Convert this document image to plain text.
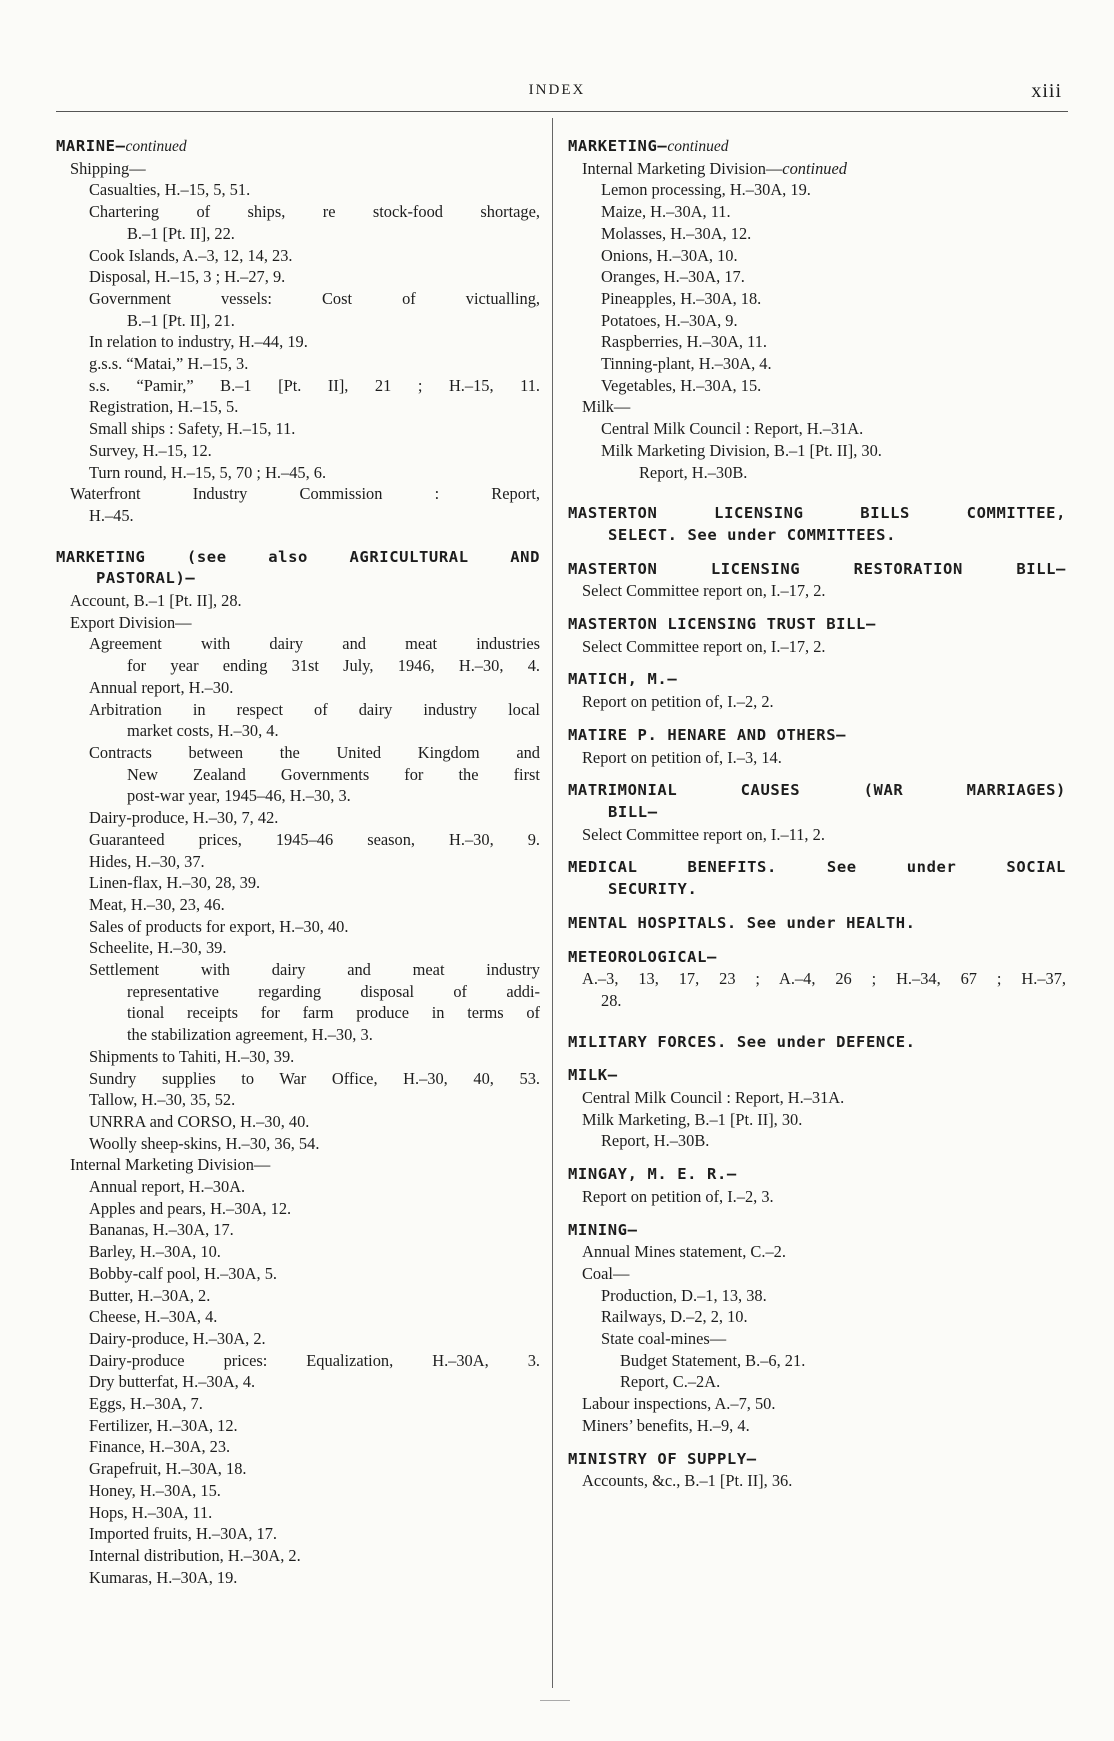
INDEX	xiii
MARINE—continued
Shipping—
Casualties, H.–15, 5, 51.
Chartering of ships, re stock-food shortage,
B.–1 [Pt. II], 22.
Cook Islands, A.–3, 12, 14, 23.
Disposal, H.–15, 3 ; H.–27, 9.
Government vessels: Cost of victualling,
B.–1 [Pt. II], 21.
In relation to industry, H.–44, 19.
g.s.s. “Matai,” H.–15, 3.
s.s. “Pamir,” B.–1 [Pt. II], 21 ; H.–15, 11.
Registration, H.–15, 5.
Small ships : Safety, H.–15, 11.
Survey, H.–15, 12.
Turn round, H.–15, 5, 70 ; H.–45, 6.
Waterfront Industry Commission : Report,
H.–45.
MARKETING (see also AGRICULTURAL AND
PASTORAL)—
Account, B.–1 [Pt. II], 28.
Export Division—
Agreement with dairy and meat industries
for year ending 31st July, 1946, H.–30, 4.
Annual report, H.–30.
Arbitration in respect of dairy industry local
market costs, H.–30, 4.
Contracts between the United Kingdom and
New Zealand Governments for the first
post-war year, 1945–46, H.–30, 3.
Dairy-produce, H.–30, 7, 42.
Guaranteed prices, 1945–46 season, H.–30, 9.
Hides, H.–30, 37.
Linen-flax, H.–30, 28, 39.
Meat, H.–30, 23, 46.
Sales of products for export, H.–30, 40.
Scheelite, H.–30, 39.
Settlement with dairy and meat industry
representative regarding disposal of addi-
tional receipts for farm produce in terms of
the stabilization agreement, H.–30, 3.
Shipments to Tahiti, H.–30, 39.
Sundry supplies to War Office, H.–30, 40, 53.
Tallow, H.–30, 35, 52.
UNRRA and CORSO, H.–30, 40.
Woolly sheep-skins, H.–30, 36, 54.
Internal Marketing Division—
Annual report, H.–30A.
Apples and pears, H.–30A, 12.
Bananas, H.–30A, 17.
Barley, H.–30A, 10.
Bobby-calf pool, H.–30A, 5.
Butter, H.–30A, 2.
Cheese, H.–30A, 4.
Dairy-produce, H.–30A, 2.
Dairy-produce prices: Equalization, H.–30A, 3.
Dry butterfat, H.–30A, 4.
Eggs, H.–30A, 7.
Fertilizer, H.–30A, 12.
Finance, H.–30A, 23.
Grapefruit, H.–30A, 18.
Honey, H.–30A, 15.
Hops, H.–30A, 11.
Imported fruits, H.–30A, 17.
Internal distribution, H.–30A, 2.
Kumaras, H.–30A, 19.
MARKETING—continued
Internal Marketing Division—continued
Lemon processing, H.–30A, 19.
Maize, H.–30A, 11.
Molasses, H.–30A, 12.
Onions, H.–30A, 10.
Oranges, H.–30A, 17.
Pineapples, H.–30A, 18.
Potatoes, H.–30A, 9.
Raspberries, H.–30A, 11.
Tinning-plant, H.–30A, 4.
Vegetables, H.–30A, 15.
Milk—
Central Milk Council : Report, H.–31A.
Milk Marketing Division, B.–1 [Pt. II], 30.
Report, H.–30B.
MASTERTON LICENSING BILLS COMMITTEE,
SELECT. See under COMMITTEES.
MASTERTON LICENSING RESTORATION BILL—
Select Committee report on, I.–17, 2.
MASTERTON LICENSING TRUST BILL—
Select Committee report on, I.–17, 2.
MATICH, M.—
Report on petition of, I.–2, 2.
MATIRE P. HENARE AND OTHERS—
Report on petition of, I.–3, 14.
MATRIMONIAL CAUSES (WAR MARRIAGES)
BILL—
Select Committee report on, I.–11, 2.
MEDICAL BENEFITS. See under SOCIAL
SECURITY.
MENTAL HOSPITALS. See under HEALTH.
METEOROLOGICAL—
A.–3, 13, 17, 23 ; A.–4, 26 ; H.–34, 67 ; H.–37,
28.
MILITARY FORCES. See under DEFENCE.
MILK—
Central Milk Council : Report, H.–31A.
Milk Marketing, B.–1 [Pt. II], 30.
Report, H.–30B.
MINGAY, M. E. R.—
Report on petition of, I.–2, 3.
MINING—
Annual Mines statement, C.–2.
Coal—
Production, D.–1, 13, 38.
Railways, D.–2, 2, 10.
State coal-mines—
Budget Statement, B.–6, 21.
Report, C.–2A.
Labour inspections, A.–7, 50.
Miners’ benefits, H.–9, 4.
MINISTRY OF SUPPLY—
Accounts, &c., B.–1 [Pt. II], 36.
